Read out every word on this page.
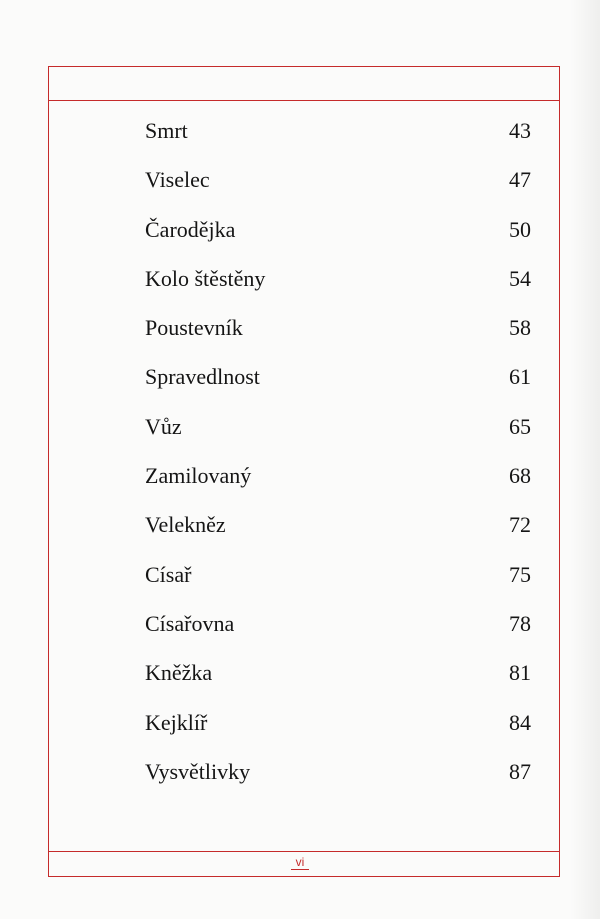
Smrt	43
Viselec	47
Čarodějka	50
Kolo štěstěny	54
Poustevník	58
Spravedlnost	61
Vůz	65
Zamilovaný	68
Velekněz	72
Císař	75
Císařovna	78
Kněžka	81
Kejklíř	84
Vysvětlivky	87
vi
